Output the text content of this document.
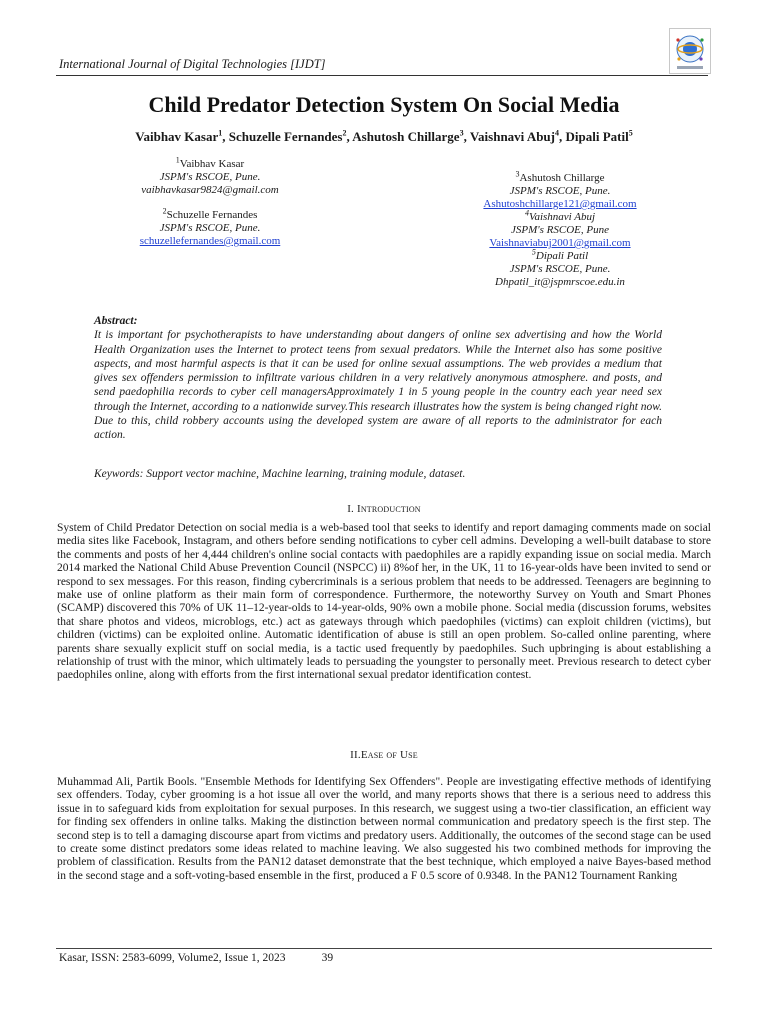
International Journal of Digital Technologies [IJDT]
Child Predator Detection System On Social Media
Vaibhav Kasar$^1$, Schuzelle Fernandes$^2$, Ashutosh Chillarge$^3$, Vaishnavi Abuj$^4$, Dipali Patil$^5$
$^1$Vaibhav Kasar
JSPM's RSCOE, Pune.
vaibhavkasar9824@gmail.com
$^2$Schuzelle Fernandes
JSPM's RSCOE, Pune.
schuzellefernandes@gmail.com
$^3$Ashutosh Chillarge
JSPM's RSCOE, Pune.
Ashutoshchillarge121@gmail.com
$^4$Vaishnavi Abuj
JSPM's RSCOE, Pune
Vaishnaviabuj2001@gmail.com
$^5$Dipali Patil
JSPM's RSCOE, Pune.
Dhpatil_it@jspmrscoe.edu.in
Abstract:
It is important for psychotherapists to have understanding about dangers of online sex advertising and how the World Health Organization uses the Internet to protect teens from sexual predators. While the Internet also has some positive aspects, and most harmful aspects is that it can be used for online sexual assumptions. The web provides a medium that gives sex offenders permission to infiltrate various children in a very relatively anonymous atmosphere. and posts, and send paedophilia records to cyber cell managersApproximately 1 in 5 young people in the country each year need sex through the Internet, according to a nationwide survey.This research illustrates how the system is being changed right now. Due to this, child robbery accounts using the developed system are aware of all reports to the administrator for each action.
Keywords: Support vector machine, Machine learning, training module, dataset.
I. Introduction
System of Child Predator Detection on social media is a web-based tool that seeks to identify and report damaging comments made on social media sites like Facebook, Instagram, and others before sending notifications to cyber cell admins. Developing a well-built database to store the comments and posts of her 4,444 children's online social contacts with paedophiles are a rapidly expanding issue on social media. March 2014 marked the National Child Abuse Prevention Council (NSPCC) ii) 8%of her, in the UK, 11 to 16-year-olds have been invited to send or respond to sex messages. For this reason, finding cybercriminals is a serious problem that needs to be addressed. Teenagers are beginning to make use of online platform as their main form of correspondence. Furthermore, the noteworthy Survey on Youth and Smart Phones (SCAMP) discovered this 70% of UK 11‒12-year-olds to 14-year-olds, 90% own a mobile phone. Social media (discussion forums, websites that share photos and videos, microblogs, etc.) act as gateways through which paedophiles (victims) can exploit children (victims), but children (victims) can be exploited online. Automatic identification of abuse is still an open problem. So-called online parenting, where parents share sexually explicit stuff on social media, is a tactic used frequently by paedophiles. Such upbringing is about establishing a relationship of trust with the minor, which ultimately leads to persuading the youngster to personally meet. Previous research to detect cyber paedophiles online, along with efforts from the first international sexual predator identification contest.
II.Ease of Use
Muhammad Ali, Partik Bools. "Ensemble Methods for Identifying Sex Offenders". People are investigating effective methods of identifying sex offenders. Today, cyber grooming is a hot issue all over the world, and many reports shows that there is a serious need to address this issue in to safeguard kids from exploitation for sexual purposes. In this research, we suggest using a two-tier classification, an efficient way for finding sex offenders in online talks. Making the distinction between normal communication and predatory speech is the first step. The second step is to tell a damaging discourse apart from victims and predatory users. Additionally, the outcomes of the second stage can be used to create some distinct predators some ideas related to machine leaving. We also suggested his two combined methods for improving the problem of classification. Results from the PAN12 dataset demonstrate that the best technique, which employed a naive Bayes-based method in the second stage and a soft-voting-based ensemble in the first, produced a F 0.5 score of 0.9348. In the PAN12 Tournament Ranking
Kasar, ISSN: 2583-6099, Volume2, Issue 1, 2023	39
